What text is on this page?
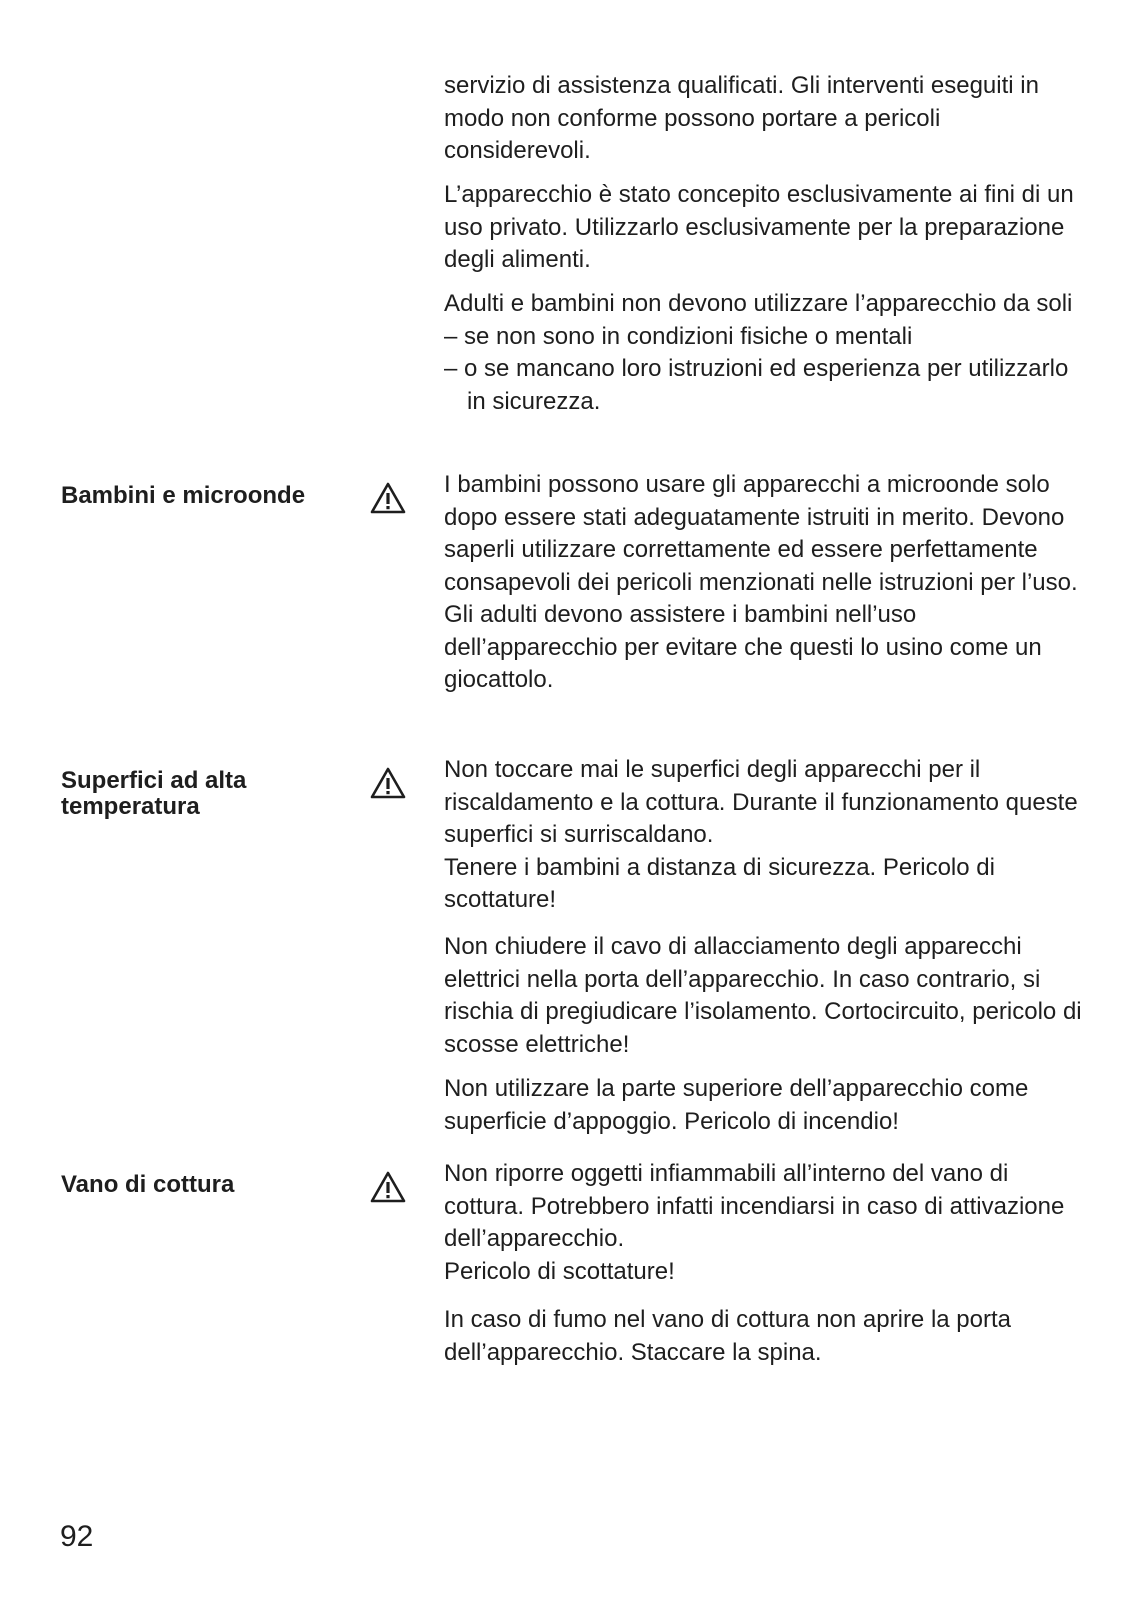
servizio di assistenza qualificati. Gli interventi eseguiti in modo non conforme possono portare a pericoli considerevoli.

L’apparecchio è stato concepito esclusivamente ai fini di un uso privato. Utilizzarlo esclusivamente per la preparazione degli alimenti.

Adulti e bambini non devono utilizzare l’apparecchio da soli

– se non sono in condizioni fisiche o mentali

– o se mancano loro istruzioni ed esperienza per utilizzarlo in sicurezza.

Bambini e microonde	I bambini possono usare gli apparecchi a microonde solo dopo essere stati adeguatamente istruiti in merito. Devono saperli utilizzare correttamente ed essere perfettamente consapevoli dei pericoli menzionati nelle istruzioni per l’uso.

Gli adulti devono assistere i bambini nell’uso dell’apparecchio per evitare che questi lo usino come un giocattolo.

Superfici ad alta temperatura

Non toccare mai le superfici degli apparecchi per il riscaldamento e la cottura. Durante il funzionamento queste superfici si surriscaldano.

Tenere i bambini a distanza di sicurezza. Pericolo di scottature!

Non chiudere il cavo di allacciamento degli apparecchi elettrici nella porta dell’apparecchio. In caso contrario, si rischia di pregiudicare l’isolamento. Cortocircuito, pericolo di scosse elettriche!

Non utilizzare la parte superiore dell’apparecchio come superficie d’appoggio. Pericolo di incendio!

Vano di cottura	Non riporre oggetti infiammabili all’interno del vano di cottura. Potrebbero infatti incendiarsi in caso di attivazione dell’apparecchio.

Pericolo di scottature!

In caso di fumo nel vano di cottura non aprire la porta dell’apparecchio. Staccare la spina.

92
